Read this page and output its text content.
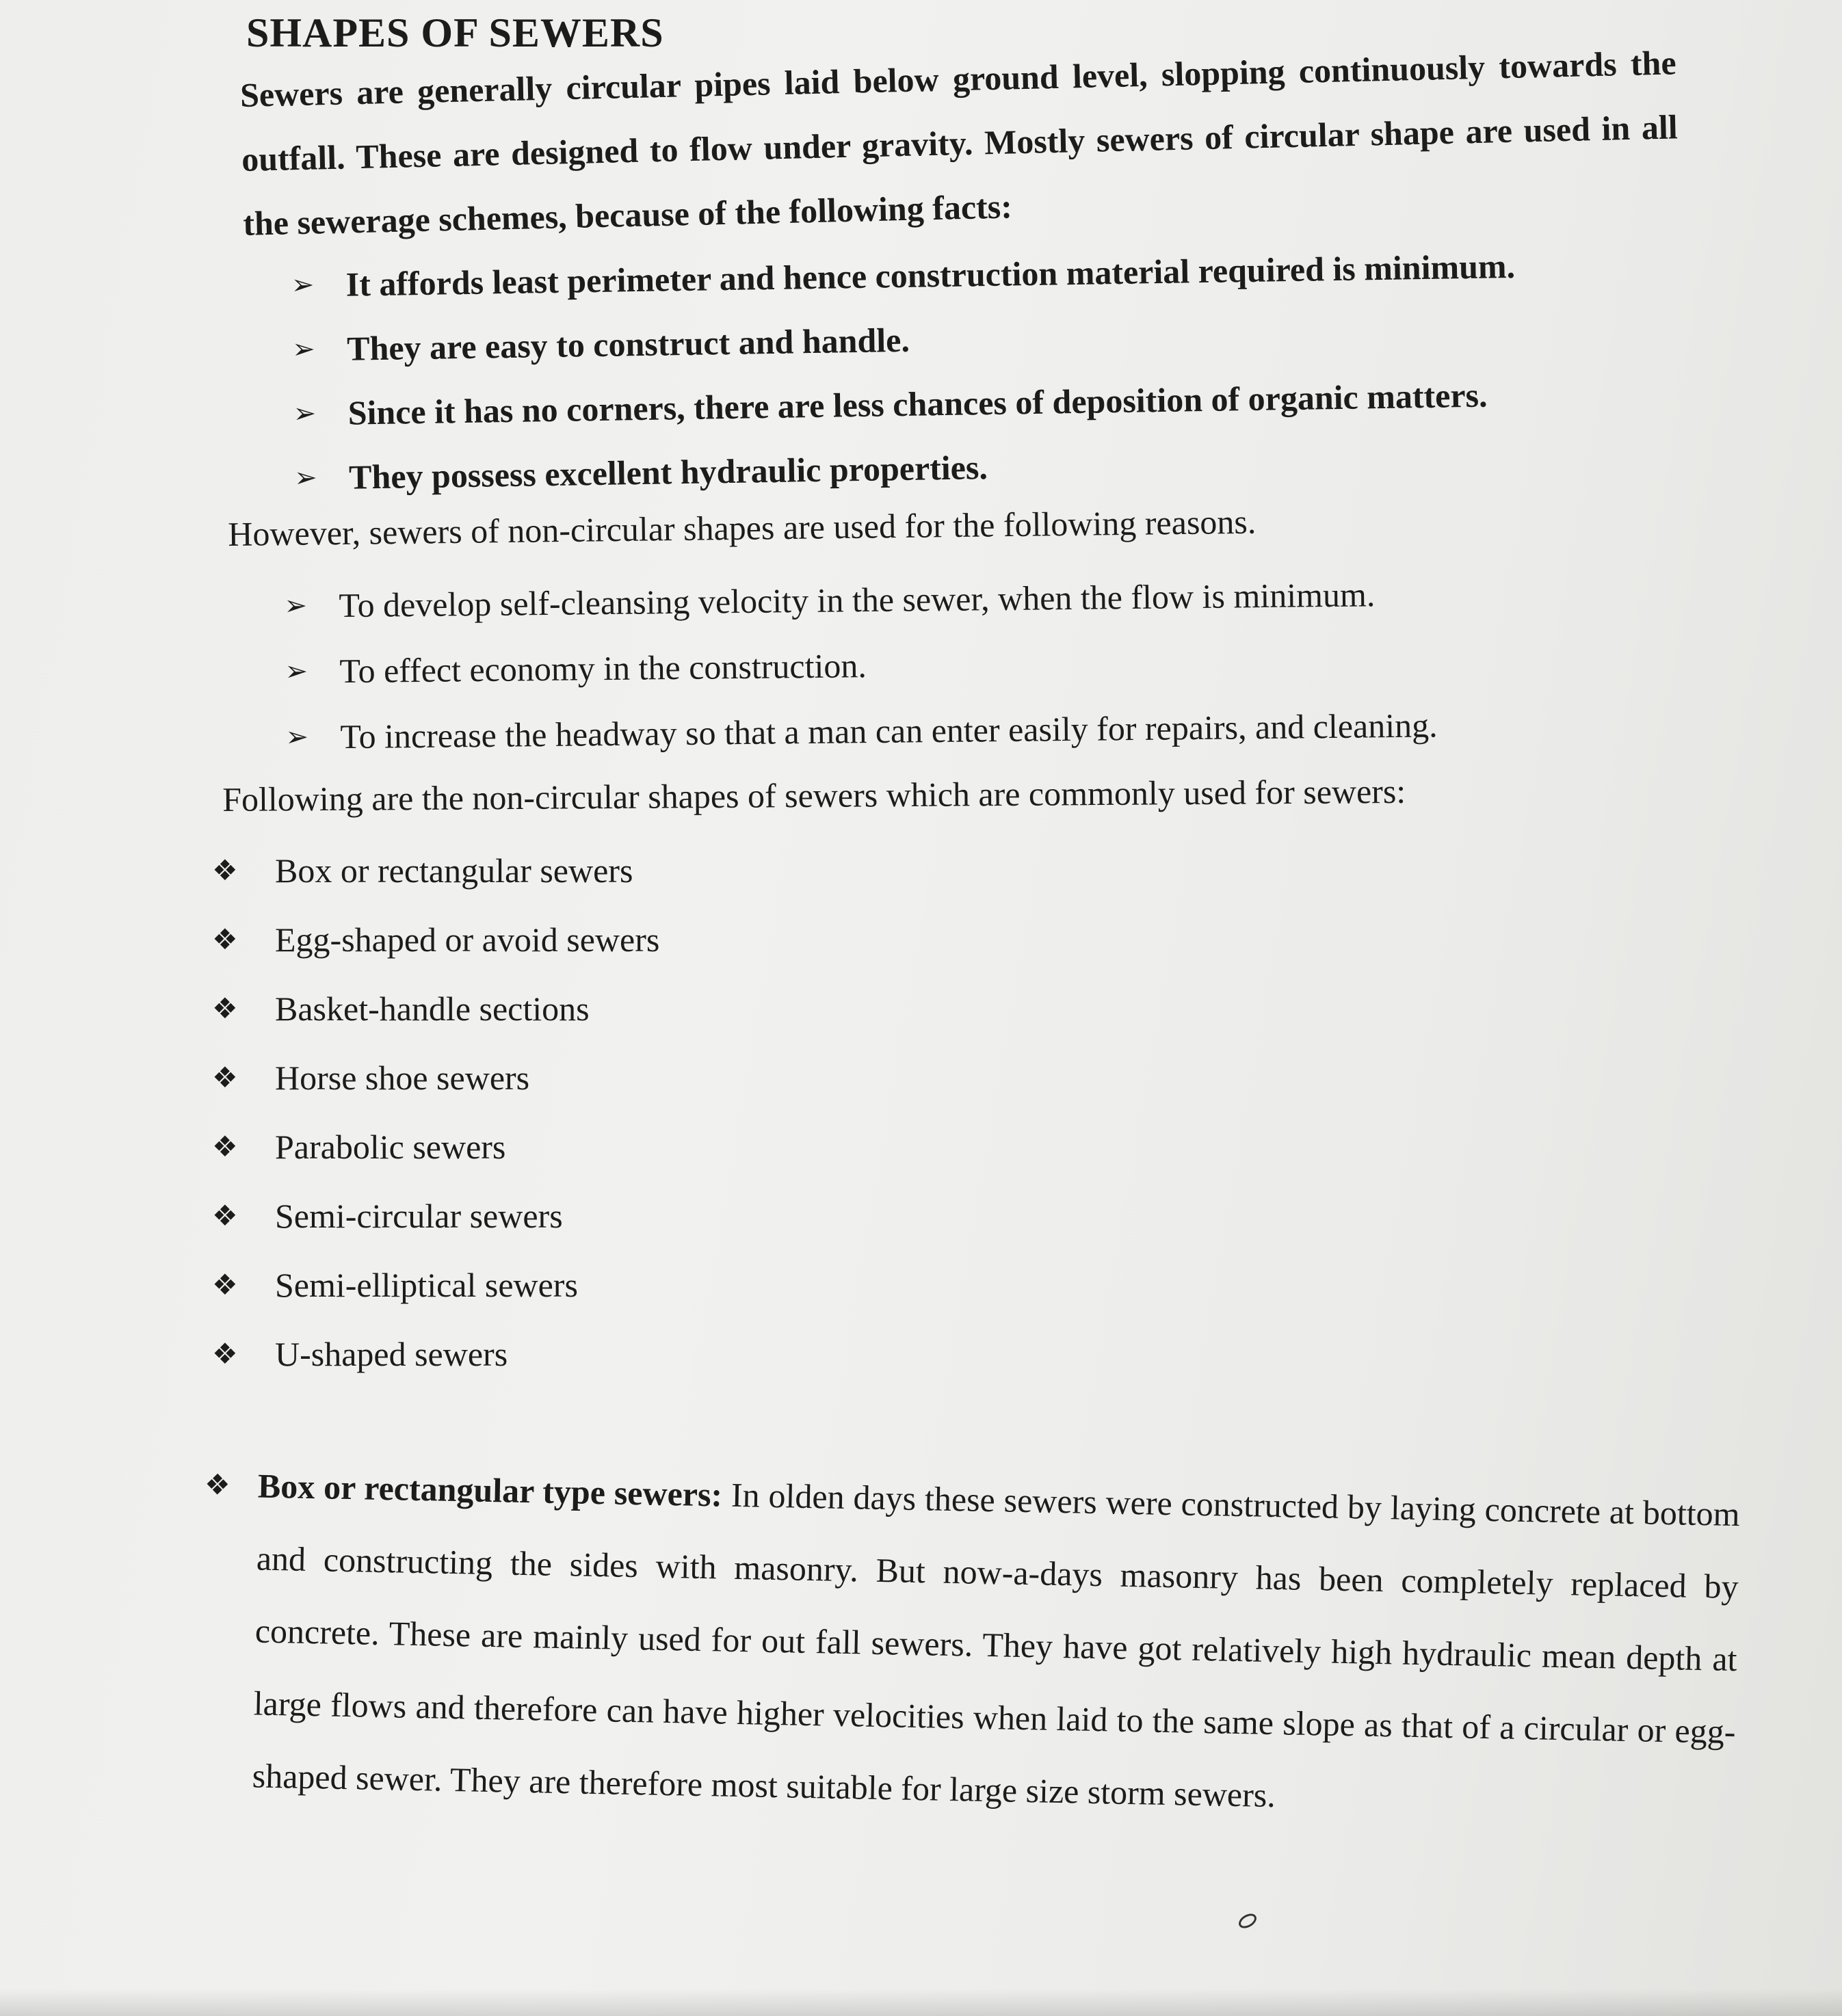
SHAPES OF SEWERS

Sewers are generally circular pipes laid below ground level, slopping continuously towards the outfall. These are designed to flow under gravity. Mostly sewers of circular shape are used in all the sewerage schemes, because of the following facts:

➢ It affords least perimeter and hence construction material required is minimum.
➢ They are easy to construct and handle.
➢ Since it has no corners, there are less chances of deposition of organic matters.
➢ They possess excellent hydraulic properties.

However, sewers of non-circular shapes are used for the following reasons.

➢ To develop self-cleansing velocity in the sewer, when the flow is minimum.
➢ To effect economy in the construction.
➢ To increase the headway so that a man can enter easily for repairs, and cleaning.

Following are the non-circular shapes of sewers which are commonly used for sewers:

❖	Box or rectangular sewers
❖	Egg-shaped or avoid sewers
❖	Basket-handle sections
❖	Horse shoe sewers
❖	Parabolic sewers
❖	Semi-circular sewers
❖	Semi-elliptical sewers
❖	U-shaped sewers
❖ Box or rectangular type sewers: In olden days these sewers were constructed by laying concrete at bottom and constructing the sides with masonry. But now-a-days masonry has been completely replaced by concrete. These are mainly used for out fall sewers. They have got relatively high hydraulic mean depth at large flows and therefore can have higher velocities when laid to the same slope as that of a circular or egg-shaped sewer. They are therefore most suitable for large size storm sewers.
